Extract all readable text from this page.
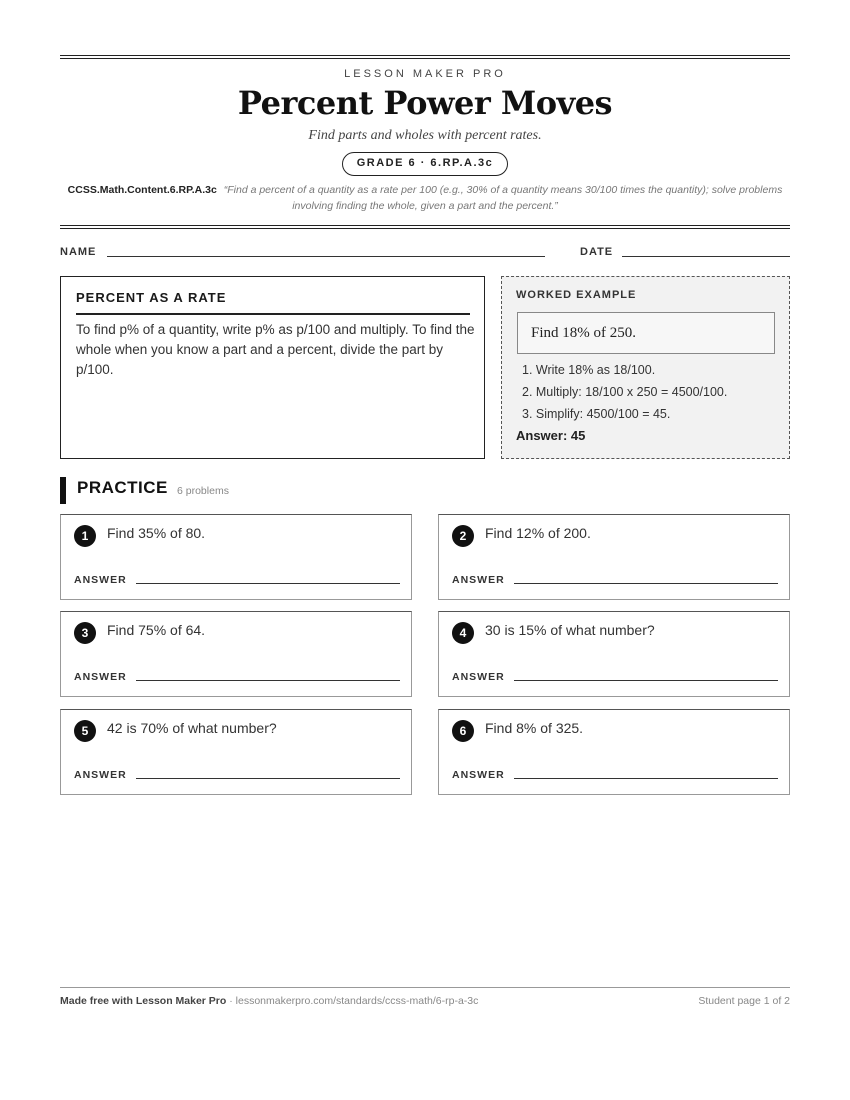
LESSON MAKER PRO
Percent Power Moves
Find parts and wholes with percent rates.
GRADE 6 · 6.RP.A.3c
CCSS.Math.Content.6.RP.A.3c “Find a percent of a quantity as a rate per 100 (e.g., 30% of a quantity means 30/100 times the quantity); solve problems involving finding the whole, given a part and the percent.”
NAME	DATE
PERCENT AS A RATE
To find p% of a quantity, write p% as p/100 and multiply. To find the whole when you know a part and a percent, divide the part by p/100.
WORKED EXAMPLE
Find 18% of 250.
1. Write 18% as 18/100.
2. Multiply: 18/100 x 250 = 4500/100.
3. Simplify: 4500/100 = 45.
Answer: 45
PRACTICE 6 problems
1	Find 35% of 80.
ANSWER
2	Find 12% of 200.
ANSWER
3	Find 75% of 64.
ANSWER
4	30 is 15% of what number?
ANSWER
5	42 is 70% of what number?
ANSWER
6	Find 8% of 325.
ANSWER
Made free with Lesson Maker Pro · lessonmakerpro.com/standards/ccss-math/6-rp-a-3c	Student page 1 of 2
